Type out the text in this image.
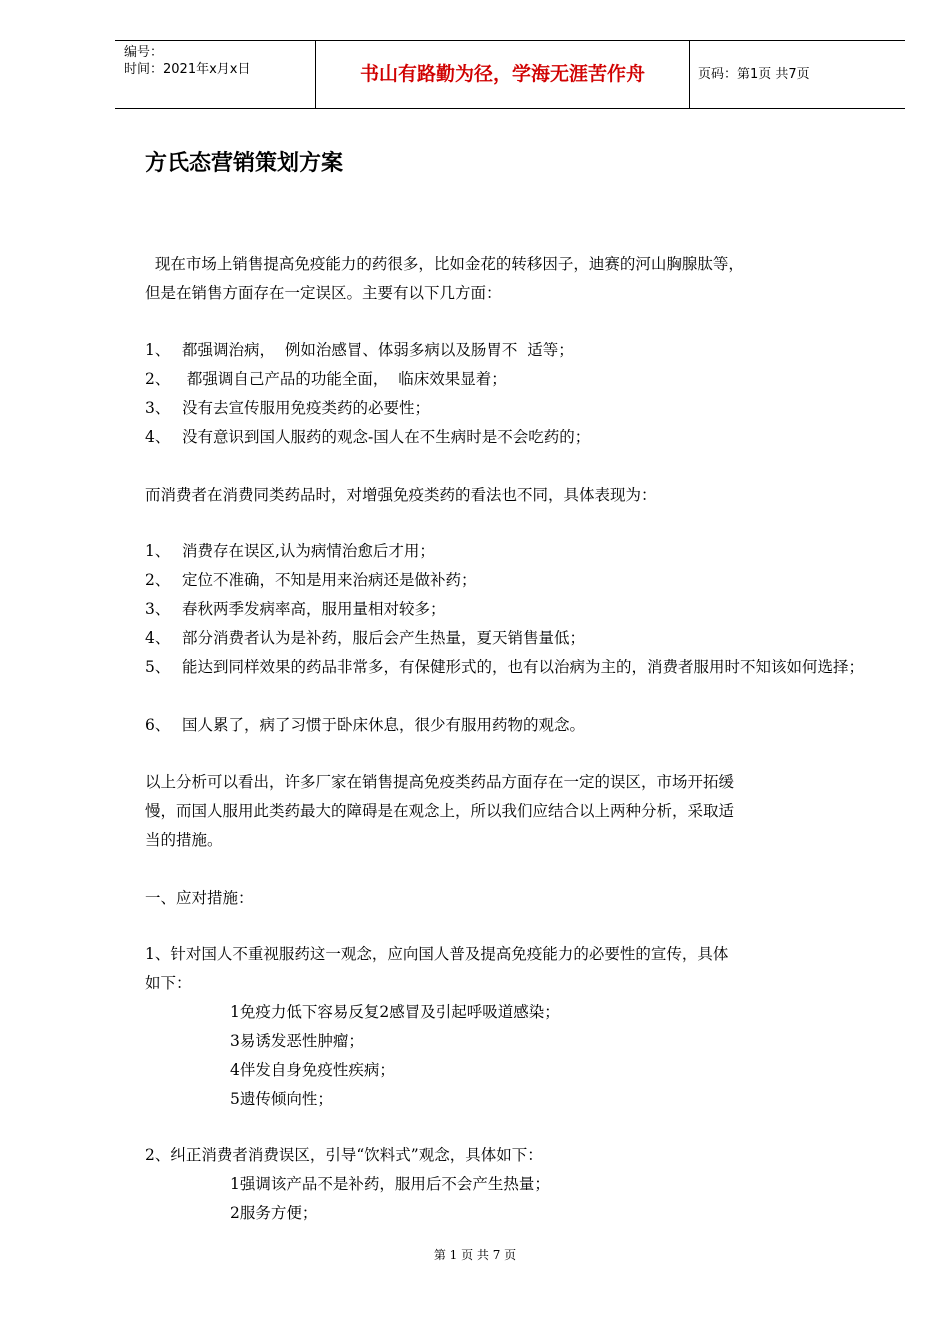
编号：
时间：2021年x月x日	书山有路勤为径，学海无涯苦作舟	页码：第1页 共7页
方氏态营销策划方案
现在市场上销售提高免疫能力的药很多，比如金花的转移因子，迪赛的河山胸腺肽等，
但是在销售方面存在一定误区。主要有以下几方面：
1、 都强调治病，  例如治感冒、体弱多病以及肠胃不  适等；
2、 都强调自己产品的功能全面，  临床效果显着；
3、 没有去宣传服用免疫类药的必要性；
4、 没有意识到国人服药的观念-国人在不生病时是不会吃药的；
而消费者在消费同类药品时，对增强免疫类药的看法也不同，具体表现为：
1、 消费存在误区,认为病情治愈后才用；
2、 定位不准确，不知是用来治病还是做补药；
3、 春秋两季发病率高，服用量相对较多；
4、 部分消费者认为是补药，服后会产生热量，夏天销售量低；
5、 能达到同样效果的药品非常多，有保健形式的，也有以治病为主的，消费者服用时不知该如何选择；
6、 国人累了，病了习惯于卧床休息，很少有服用药物的观念。
以上分析可以看出，许多厂家在销售提高免疫类药品方面存在一定的误区，市场开拓缓
慢，而国人服用此类药最大的障碍是在观念上，所以我们应结合以上两种分析，采取适
当的措施。
一、应对措施：
1、针对国人不重视服药这一观念，应向国人普及提高免疫能力的必要性的宣传，具体
如下：
1免疫力低下容易反复2感冒及引起呼吸道感染；
3易诱发恶性肿瘤；
4伴发自身免疫性疾病；
5遗传倾向性；
2、纠正消费者消费误区，引导“饮料式”观念，具体如下：
1强调该产品不是补药，服用后不会产生热量；
2服务方便；
第 1 页 共 7 页
